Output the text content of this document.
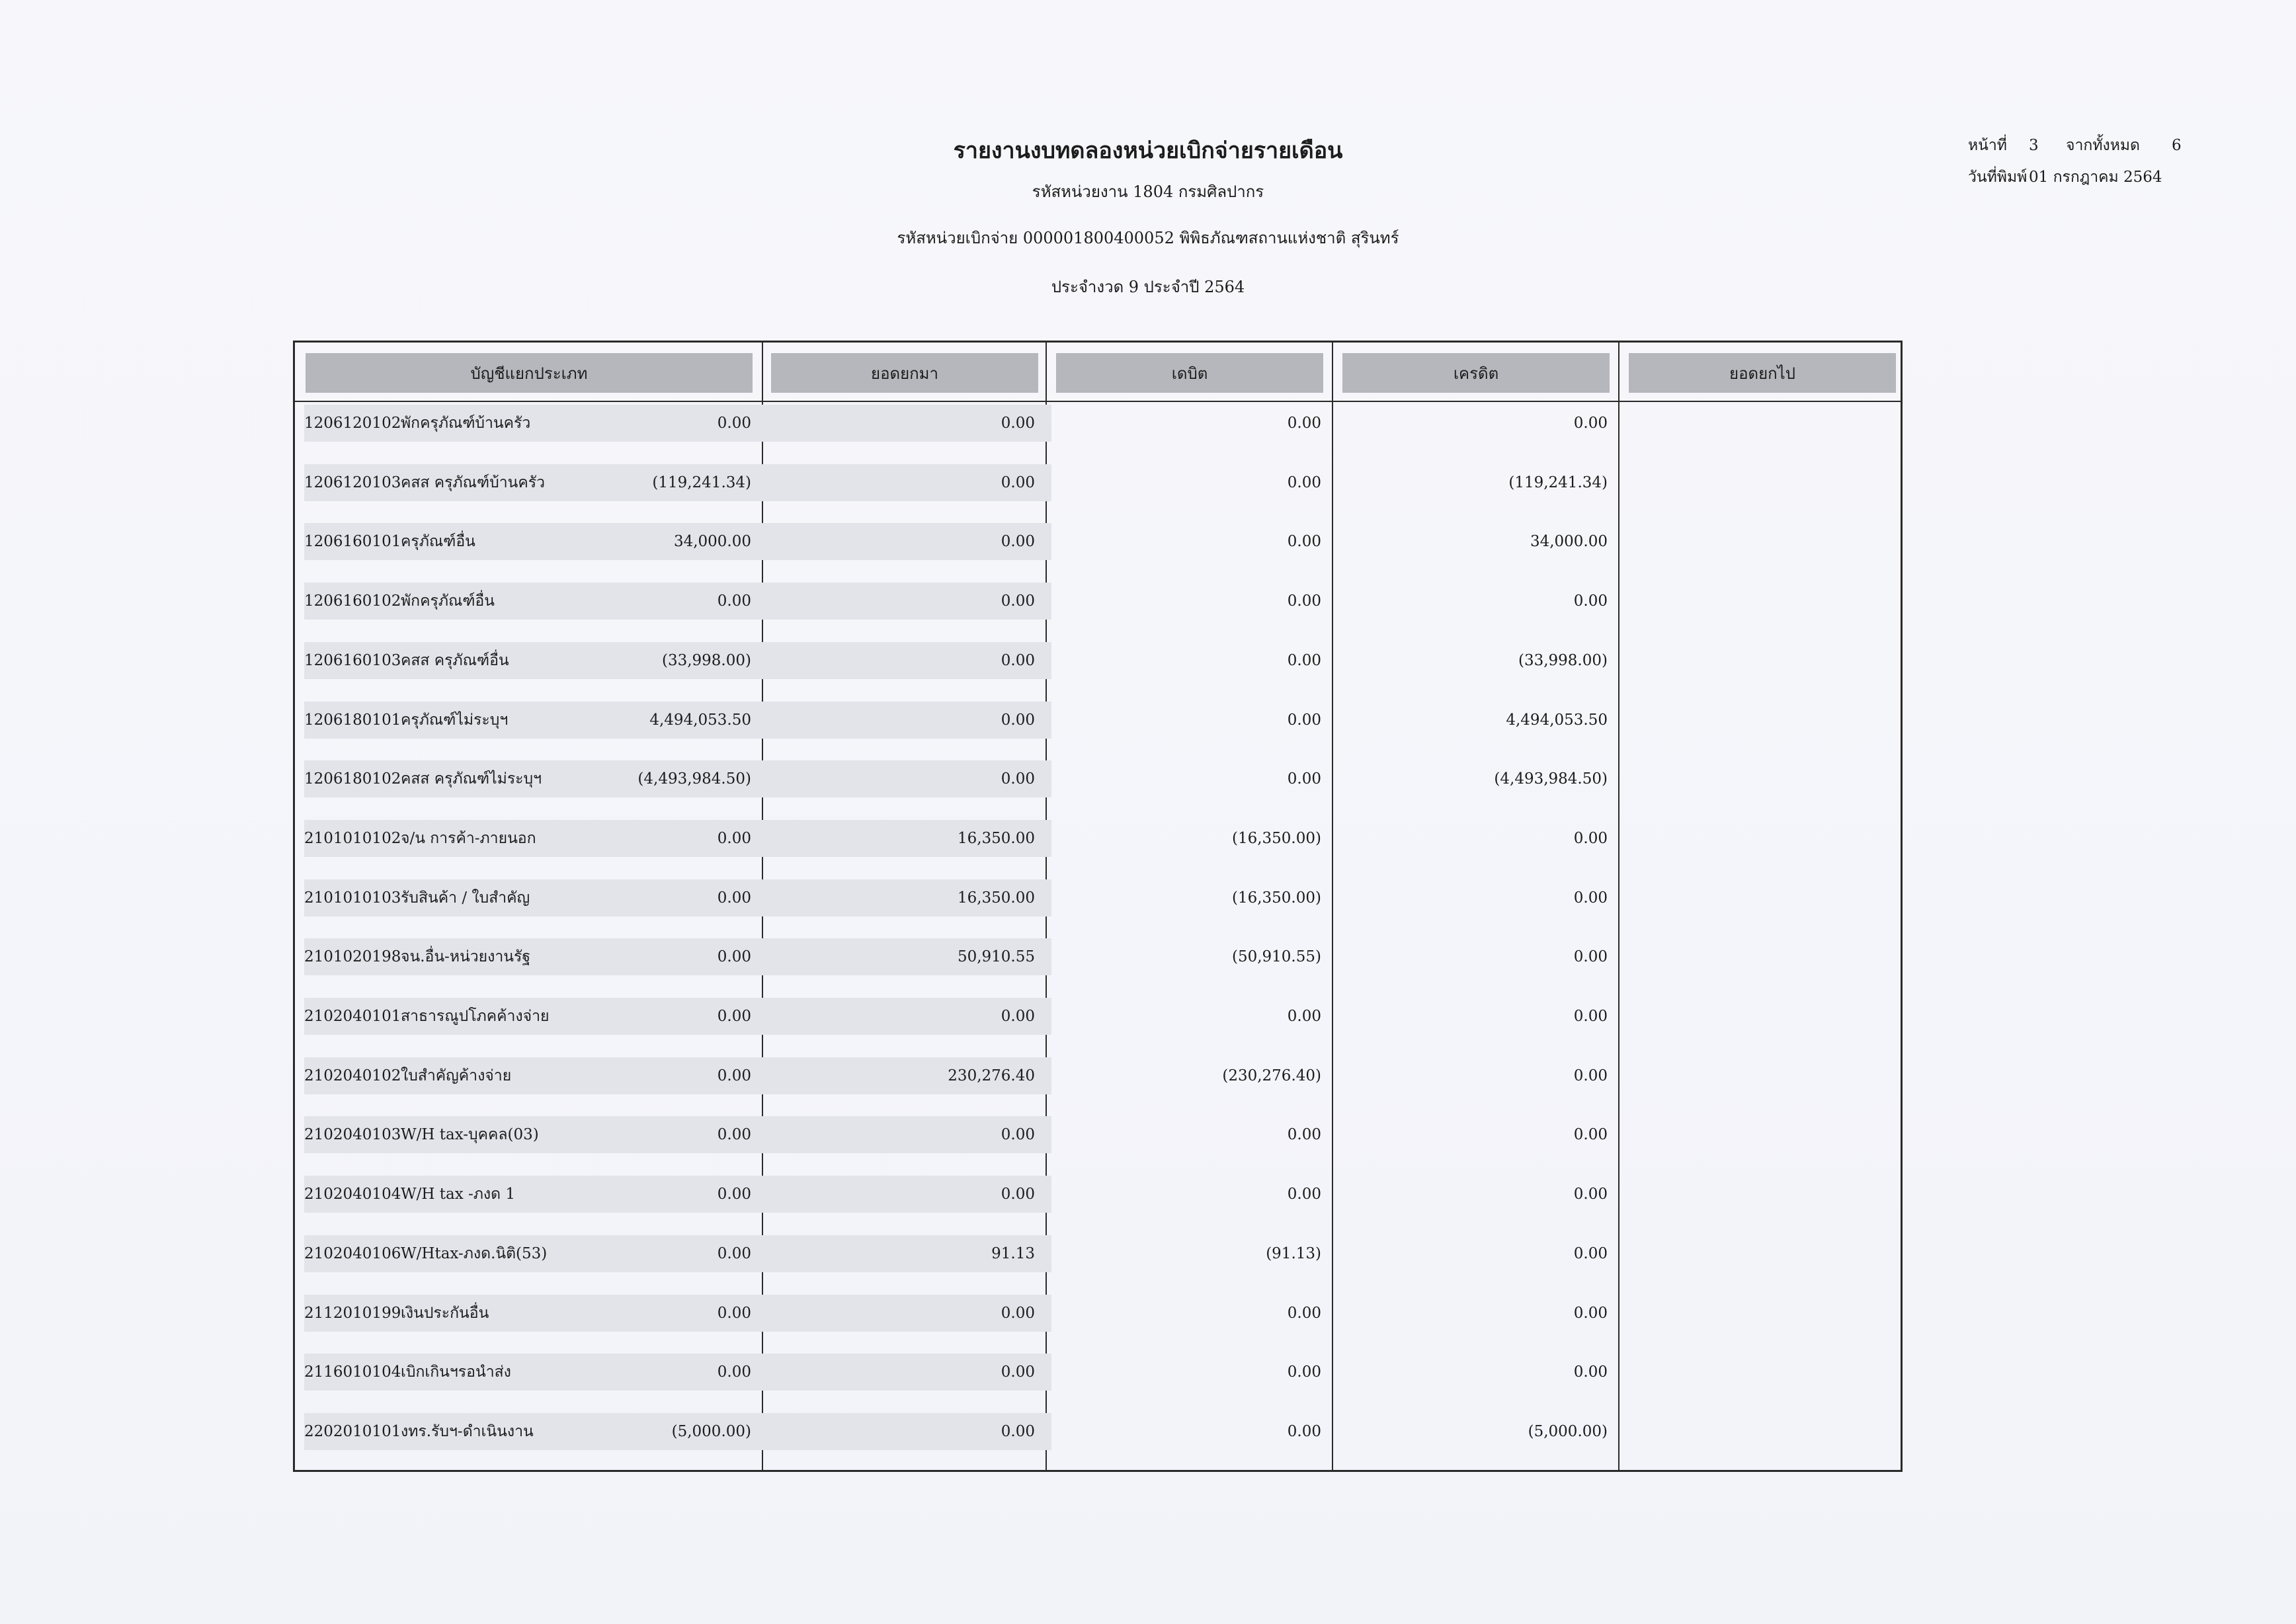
รายงานงบทดลองหน่วยเบิกจ่ายรายเดือน
รหัสหน่วยงาน 1804 กรมศิลปากร
รหัสหน่วยเบิกจ่าย 000001800400052 พิพิธภัณฑสถานแห่งชาติ สุรินทร์
ประจำงวด 9 ประจำปี 2564
หน้าที่ 3 จากทั้งหมด 6
วันที่พิมพ์ 01 กรกฎาคม 2564
บัญชีแยกประเภท	ยอดยกมา	เดบิต	เครดิต	ยอดยกไป
1206120102 พักครุภัณฑ์บ้านครัว	0.00	0.00	0.00	0.00
1206120103 คสส ครุภัณฑ์บ้านครัว	(119,241.34)	0.00	0.00	(119,241.34)
1206160101 ครุภัณฑ์อื่น	34,000.00	0.00	0.00	34,000.00
1206160102 พักครุภัณฑ์อื่น	0.00	0.00	0.00	0.00
1206160103 คสส ครุภัณฑ์อื่น	(33,998.00)	0.00	0.00	(33,998.00)
1206180101 ครุภัณฑ์ไม่ระบุฯ	4,494,053.50	0.00	0.00	4,494,053.50
1206180102 คสส ครุภัณฑ์ไม่ระบุฯ	(4,493,984.50)	0.00	0.00	(4,493,984.50)
2101010102 จ/น การค้า-ภายนอก	0.00	16,350.00	(16,350.00)	0.00
2101010103 รับสินค้า / ใบสำคัญ	0.00	16,350.00	(16,350.00)	0.00
2101020198 จน.อื่น-หน่วยงานรัฐ	0.00	50,910.55	(50,910.55)	0.00
2102040101 สาธารณูปโภคค้างจ่าย	0.00	0.00	0.00	0.00
2102040102 ใบสำคัญค้างจ่าย	0.00	230,276.40	(230,276.40)	0.00
2102040103 W/H tax-บุคคล(03)	0.00	0.00	0.00	0.00
2102040104 W/H tax -ภงด 1	0.00	0.00	0.00	0.00
2102040106 W/Htax-ภงด.นิติ(53)	0.00	91.13	(91.13)	0.00
2112010199 เงินประกันอื่น	0.00	0.00	0.00	0.00
2116010104 เบิกเกินฯรอนำส่ง	0.00	0.00	0.00	0.00
2202010101 งทร.รับฯ-ดำเนินงาน	(5,000.00)	0.00	0.00	(5,000.00)
